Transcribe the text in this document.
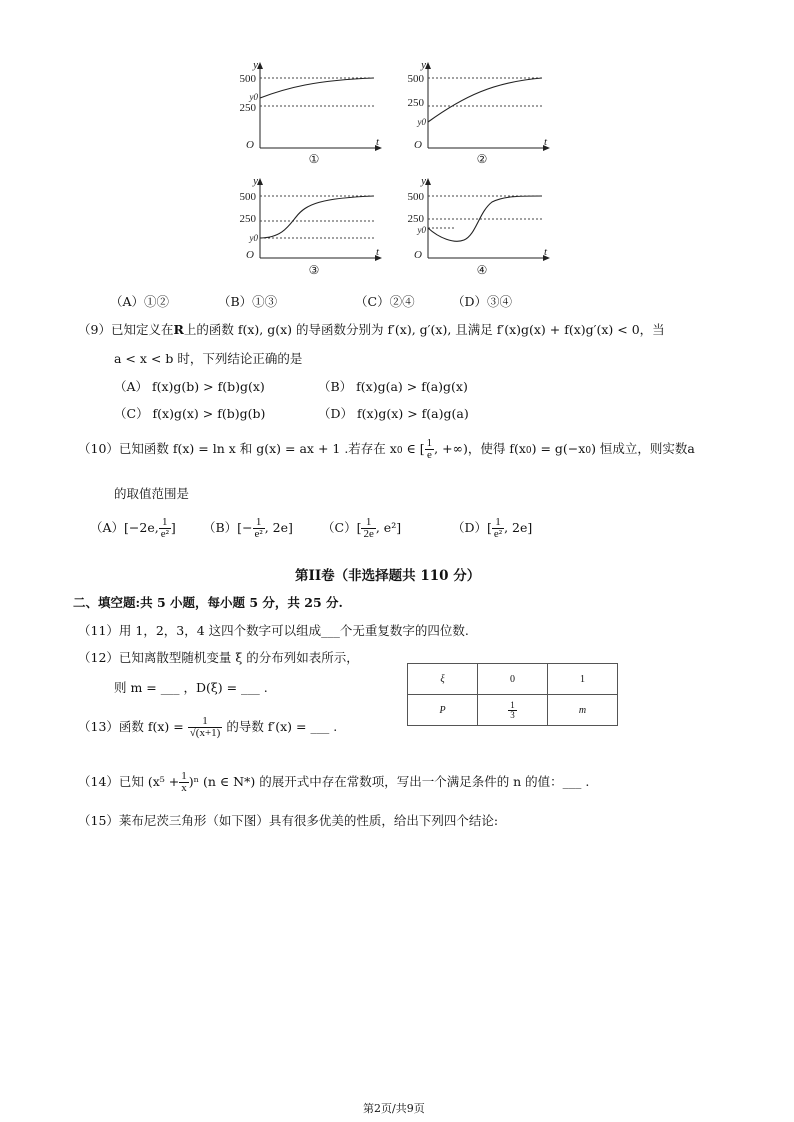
y
t
O
500
y0
250
①
y
t
O
500
250
y0
②
y
t
O
500
250
y0
③
y
t
O
500
250
y0
④
（A）①②	（B）①③	（C）②④	（D）③④
（9）已知定义在R上的函数 f(x), g(x) 的导函数分别为 f′(x), g′(x), 且满足 f′(x)g(x) + f(x)g′(x) < 0，当
a < x < b 时，下列结论正确的是
（A） f(x)g(b) > f(b)g(x)	（B） f(x)g(a) > f(a)g(x)
（C） f(x)g(x) > f(b)g(b)	（D） f(x)g(x) > f(a)g(a)
（10）已知函数 f(x) = ln x 和 g(x) = ax + 1 .若存在 x0 ∈ [ $\frac{1}{e}$ , +∞)，使得 f(x0) = g(−x0) 恒成立，则实数a
的取值范围是
（A）[−2e, $\frac{1}{\text{e²}}$ ] $(B)[- \frac{1}{\text{e²}}$ , 2e] $(C)[ \frac{1}{2e}$ , e²]	$(D)[ \frac{1}{\text{e²}}$ , 2e]
第II卷（非选择题共 110 分）
二、填空题:共 5 小题，每小题 5 分，共 25 分.
（11）用 1，2，3，4 这四个数字可以组成___个无重复数字的四位数.
（12）已知离散型随机变量 ξ 的分布列如表所示，
则 m = ___ ，D(ξ) = ___ .
ξ	0	1
P	$\frac{1}{3}$	m
（13）函数 $f(x) = \frac{1}{√(x+1)}$ 的导数 f′(x) = ___ .
（14）已知 $(x^5 + \frac{1}{x} )^n$ (n ∈ N*) 的展开式中存在常数项，写出一个满足条件的 n 的值：___ .
（15）莱布尼茨三角形（如下图）具有很多优美的性质，给出下列四个结论:
第2页/共9页
